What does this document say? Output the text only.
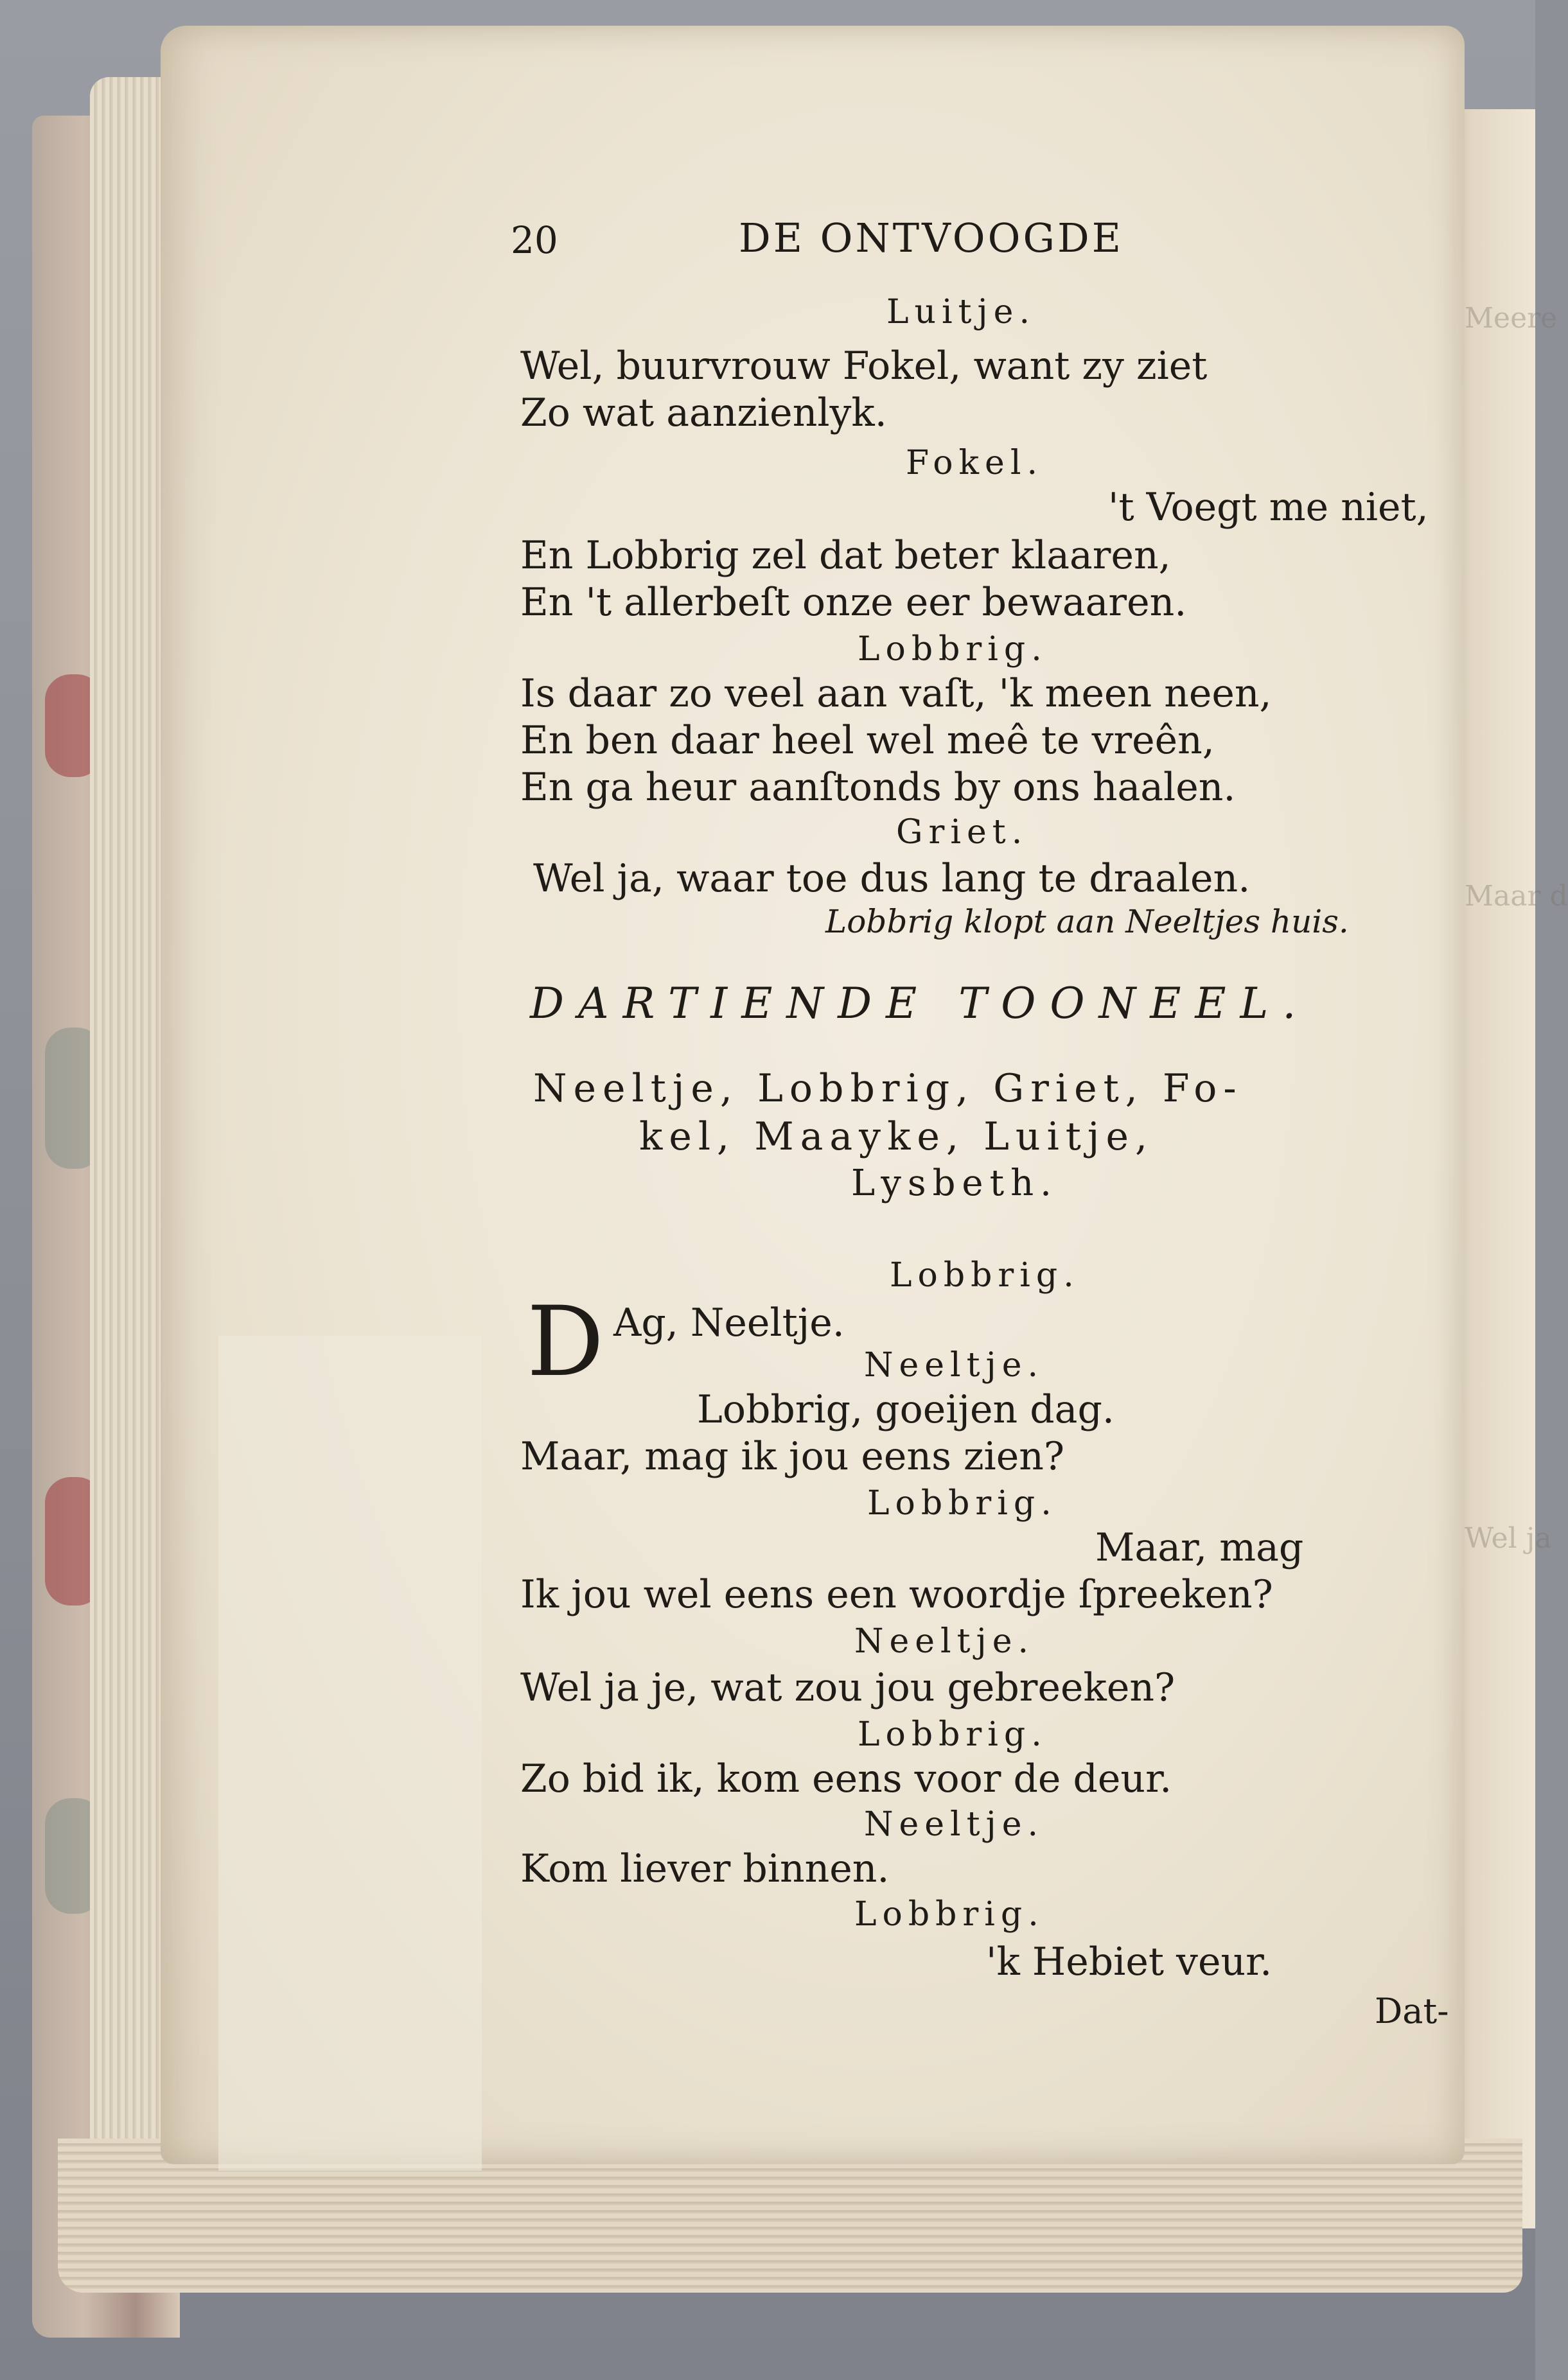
Meere
Maar d
Wel ja
20	DE ONTVOOGDE
Luitje.
Wel, buurvrouw Fokel, want zy ziet
Zo wat aanzienlyk.
Fokel.
't Voegt me niet,
En Lobbrig zel dat beter klaaren,
En 't allerbeſt onze eer bewaaren.
Lobbrig.
Is daar zo veel aan vaſt, 'k meen neen,
En ben daar heel wel meê te vreên,
En ga heur aanſtonds by ons haalen.
Griet.
Wel ja, waar toe dus lang te draalen.
Lobbrig klopt aan Neeltjes huis.
DARTIENDE TOONEEL.
Neeltje, Lobbrig, Griet, Fo-
kel, Maayke, Luitje,
Lysbeth.
Lobbrig.
D Ag, Neeltje.
Neeltje.
Lobbrig, goeijen dag.
Maar, mag ik jou eens zien?
Lobbrig.
Maar, mag
Ik jou wel eens een woordje ſpreeken?
Neeltje.
Wel ja je, wat zou jou gebreeken?
Lobbrig.
Zo bid ik, kom eens voor de deur.
Neeltje.
Kom liever binnen.
Lobbrig.
'k Hebiet veur.
Dat-
